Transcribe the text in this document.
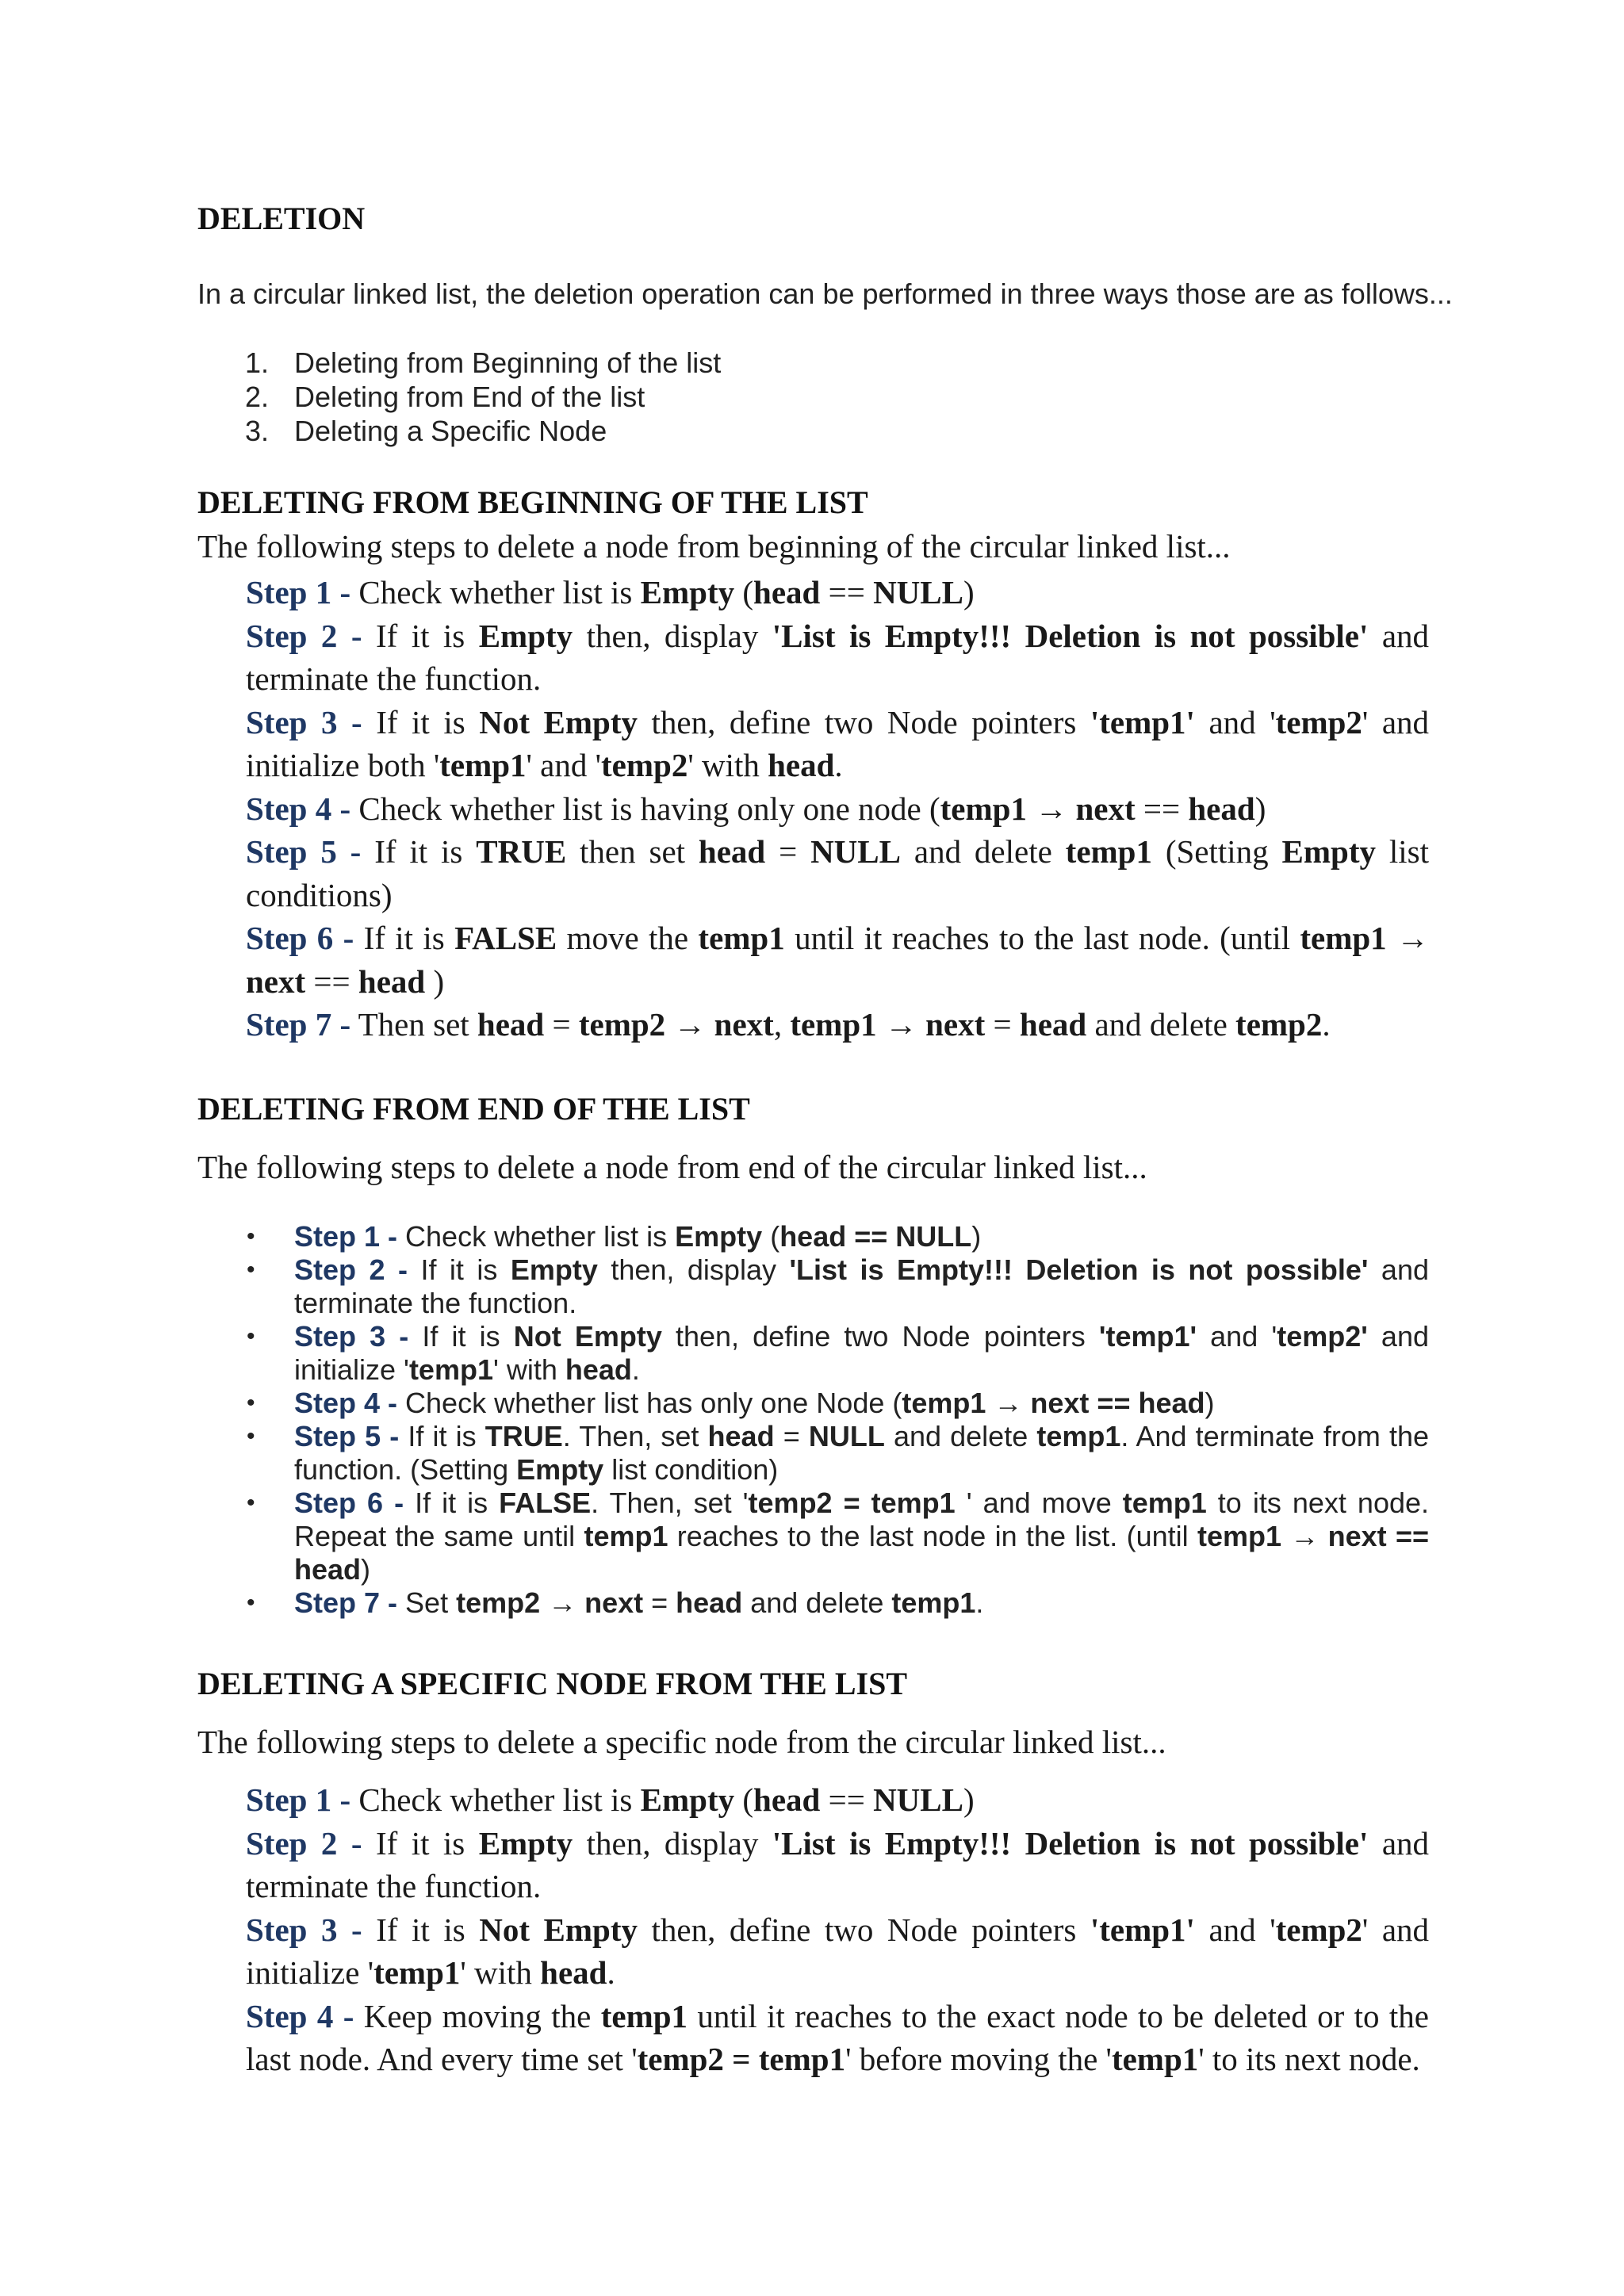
DELETION

In a circular linked list, the deletion operation can be performed in three ways those are as follows...

1. Deleting from Beginning of the list
2. Deleting from End of the list
3. Deleting a Specific Node
DELETING FROM BEGINNING OF THE LIST

The following steps to delete a node from beginning of the circular linked list...

Step 1 - Check whether list is Empty (head == NULL)

Step 2 - If it is Empty then, display 'List is Empty!!! Deletion is not possible' and terminate the function.

Step 3 - If it is Not Empty then, define two Node pointers 'temp1' and 'temp2' and initialize both 'temp1' and 'temp2' with head.

Step 4 - Check whether list is having only one node (temp1 → next == head)

Step 5 - If it is TRUE then set head = NULL and delete temp1 (Setting Empty list conditions)

Step 6 - If it is FALSE move the temp1 until it reaches to the last node. (until temp1 → next == head )

Step 7 - Then set head = temp2 → next, temp1 → next = head and delete temp2.

DELETING FROM END OF THE LIST

The following steps to delete a node from end of the circular linked list...

• Step 1 - Check whether list is Empty (head == NULL)
• Step 2 - If it is Empty then, display 'List is Empty!!! Deletion is not possible' and terminate the function.
• Step 3 - If it is Not Empty then, define two Node pointers 'temp1' and 'temp2' and initialize 'temp1' with head.
• Step 4 - Check whether list has only one Node (temp1 → next == head)
• Step 5 - If it is TRUE. Then, set head = NULL and delete temp1. And terminate from the function. (Setting Empty list condition)
• Step 6 - If it is FALSE. Then, set 'temp2 = temp1 ' and move temp1 to its next node. Repeat the same until temp1 reaches to the last node in the list. (until temp1 → next == head)
• Step 7 - Set temp2 → next = head and delete temp1.
DELETING A SPECIFIC NODE FROM THE LIST

The following steps to delete a specific node from the circular linked list...

Step 1 - Check whether list is Empty (head == NULL)

Step 2 - If it is Empty then, display 'List is Empty!!! Deletion is not possible' and terminate the function.

Step 3 - If it is Not Empty then, define two Node pointers 'temp1' and 'temp2' and initialize 'temp1' with head.

Step 4 - Keep moving the temp1 until it reaches to the exact node to be deleted or to the last node. And every time set 'temp2 = temp1' before moving the 'temp1' to its next node.
